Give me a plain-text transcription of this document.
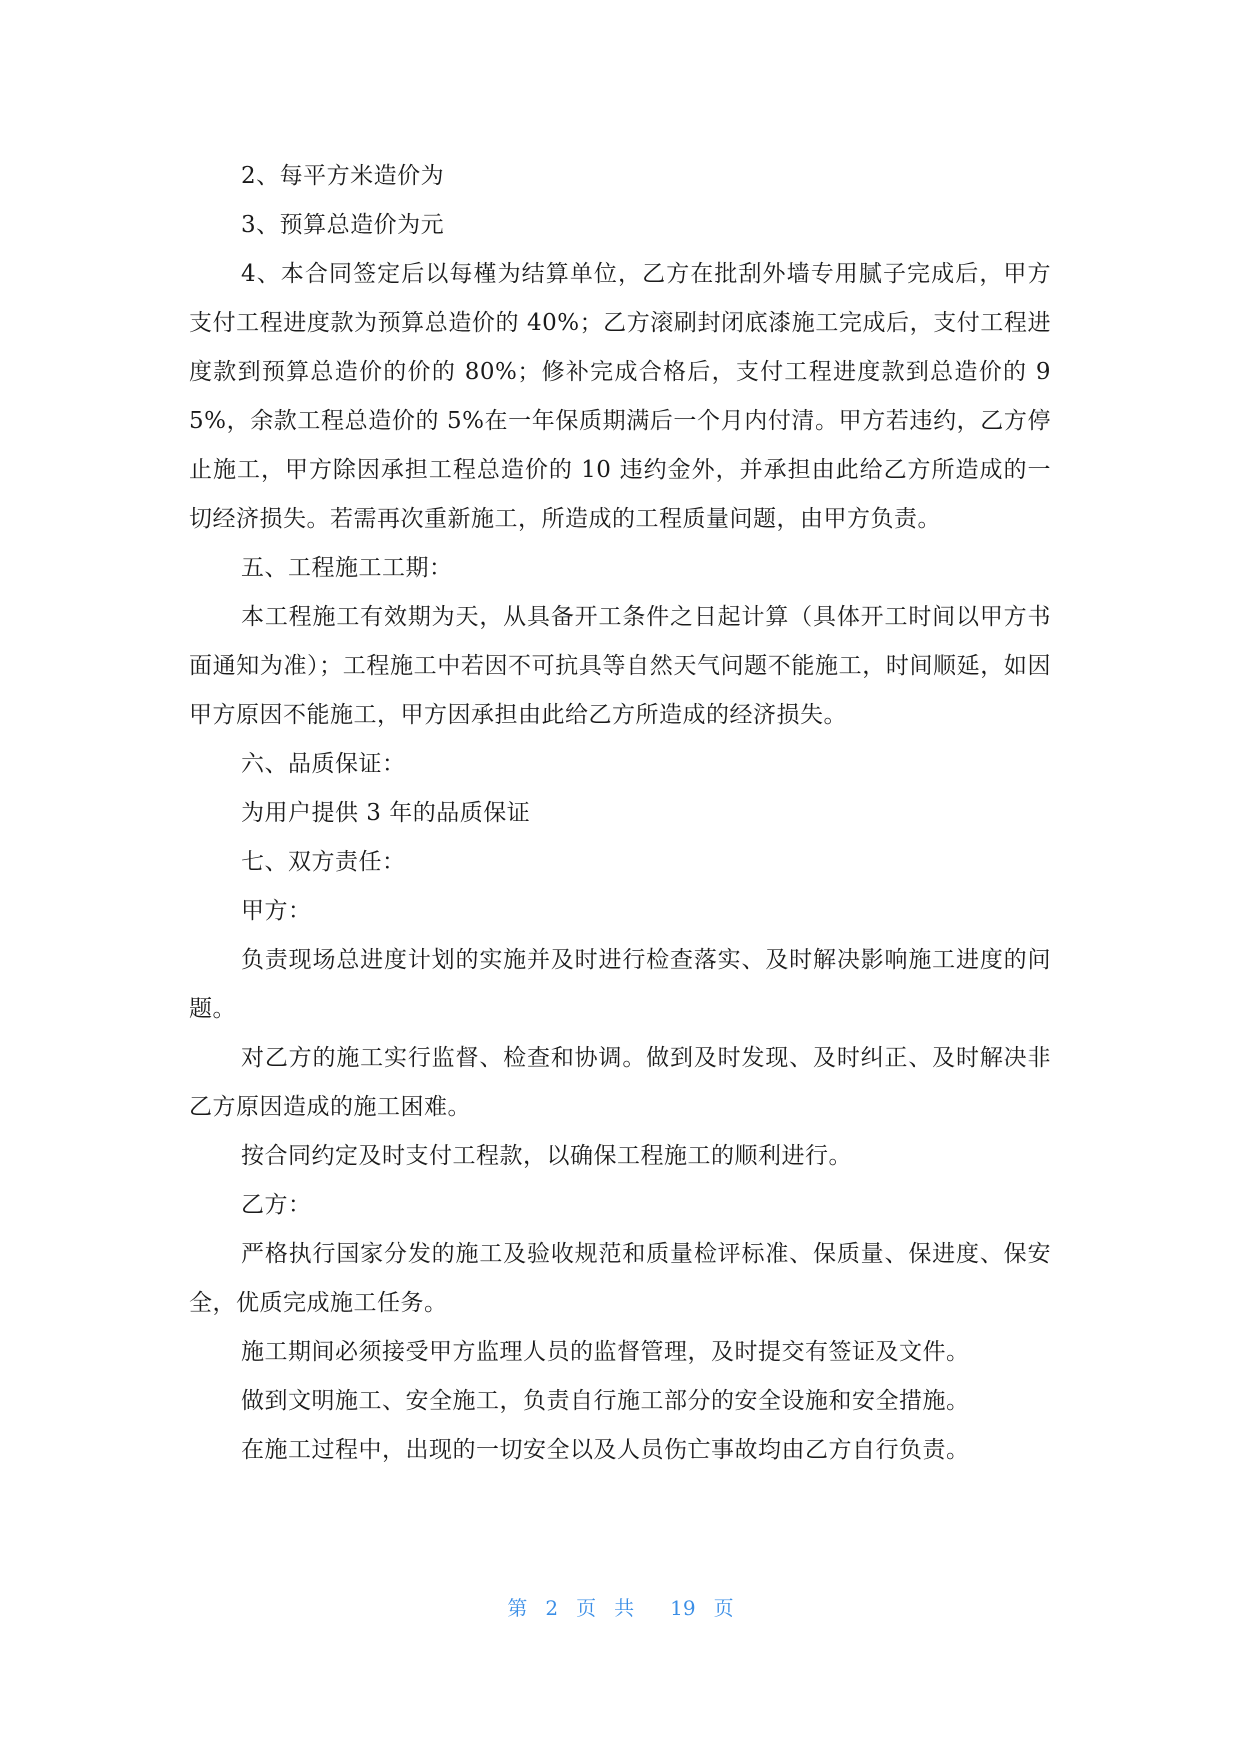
2、每平方米造价为

3、预算总造价为元

4、本合同签定后以每槿为结算单位，乙方在批刮外墙专用腻子完成后，甲方支付工程进度款为预算总造价的 40%；乙方滚刷封闭底漆施工完成后，支付工程进度款到预算总造价的价的 80%；修补完成合格后，支付工程进度款到总造价的 95%，余款工程总造价的 5%在一年保质期满后一个月内付清。甲方若违约，乙方停止施工，甲方除因承担工程总造价的 10 违约金外，并承担由此给乙方所造成的一切经济损失。若需再次重新施工，所造成的工程质量问题，由甲方负责。

五、工程施工工期：

本工程施工有效期为天，从具备开工条件之日起计算（具体开工时间以甲方书面通知为准）；工程施工中若因不可抗具等自然天气问题不能施工，时间顺延，如因甲方原因不能施工，甲方因承担由此给乙方所造成的经济损失。

六、品质保证：

为用户提供 3 年的品质保证

七、双方责任：

甲方：

负责现场总进度计划的实施并及时进行检查落实、及时解决影响施工进度的问题。

对乙方的施工实行监督、检查和协调。做到及时发现、及时纠正、及时解决非乙方原因造成的施工困难。

按合同约定及时支付工程款，以确保工程施工的顺利进行。

乙方：

严格执行国家分发的施工及验收规范和质量检评标准、保质量、保进度、保安全，优质完成施工任务。

施工期间必须接受甲方监理人员的监督管理，及时提交有签证及文件。

做到文明施工、安全施工，负责自行施工部分的安全设施和安全措施。

在施工过程中，出现的一切安全以及人员伤亡事故均由乙方自行负责。

第 2 页共 19 页
